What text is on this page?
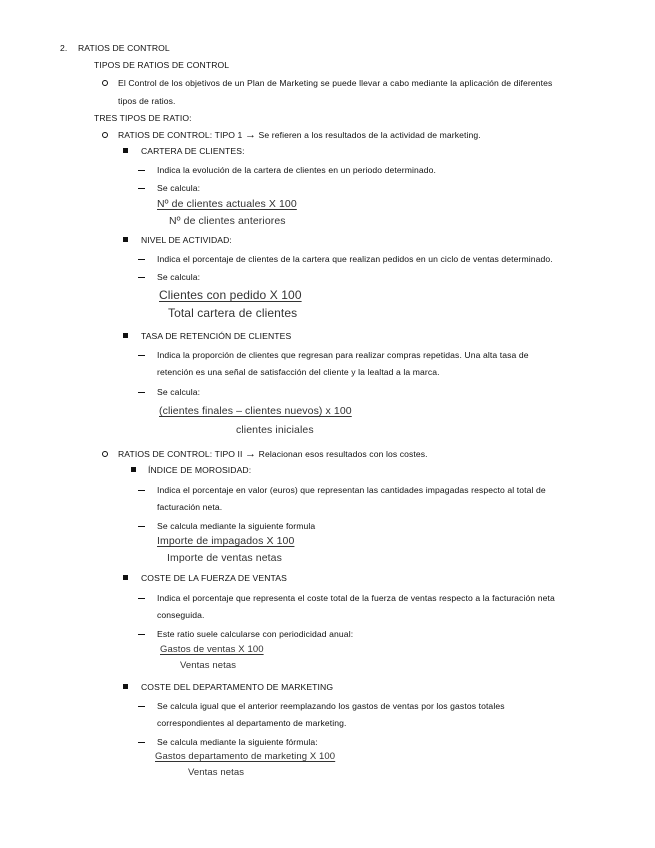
2. RATIOS DE CONTROL
TIPOS DE RATIOS DE CONTROL
El Control de los objetivos de un Plan de Marketing se puede llevar a cabo mediante la aplicación de diferentes
tipos de ratios.
TRES TIPOS DE RATIO:
RATIOS DE CONTROL: TIPO 1 → Se refieren a los resultados de la actividad de marketing.
CARTERA DE CLIENTES:
Indica la evolución de la cartera de clientes en un periodo determinado.
Se calcula:
Nº de clientes actuales X 100
Nº de clientes anteriores
NIVEL DE ACTIVIDAD:
Indica el porcentaje de clientes de la cartera que realizan pedidos en un ciclo de ventas determinado.
Se calcula:
Clientes con pedido X 100
Total cartera de clientes
TASA DE RETENCIÓN DE CLIENTES
Indica la proporción de clientes que regresan para realizar compras repetidas. Una alta tasa de
retención es una señal de satisfacción del cliente y la lealtad a la marca.
Se calcula:
(clientes finales – clientes nuevos) x 100
clientes iniciales
RATIOS DE CONTROL: TIPO II → Relacionan esos resultados con los costes.
ÍNDICE DE MOROSIDAD:
Indica el porcentaje en valor (euros) que representan las cantidades impagadas respecto al total de
facturación neta.
Se calcula mediante la siguiente formula
Importe de impagados X 100
Importe de ventas netas
COSTE DE LA FUERZA DE VENTAS
Indica el porcentaje que representa el coste total de la fuerza de ventas respecto a la facturación neta
conseguida.
Este ratio suele calcularse con periodicidad anual:
Gastos de ventas X 100
Ventas netas
COSTE DEL DEPARTAMENTO DE MARKETING
Se calcula igual que el anterior reemplazando los gastos de ventas por los gastos totales
correspondientes al departamento de marketing.
Se calcula mediante la siguiente fórmula:
Gastos departamento de marketing X 100
Ventas netas
